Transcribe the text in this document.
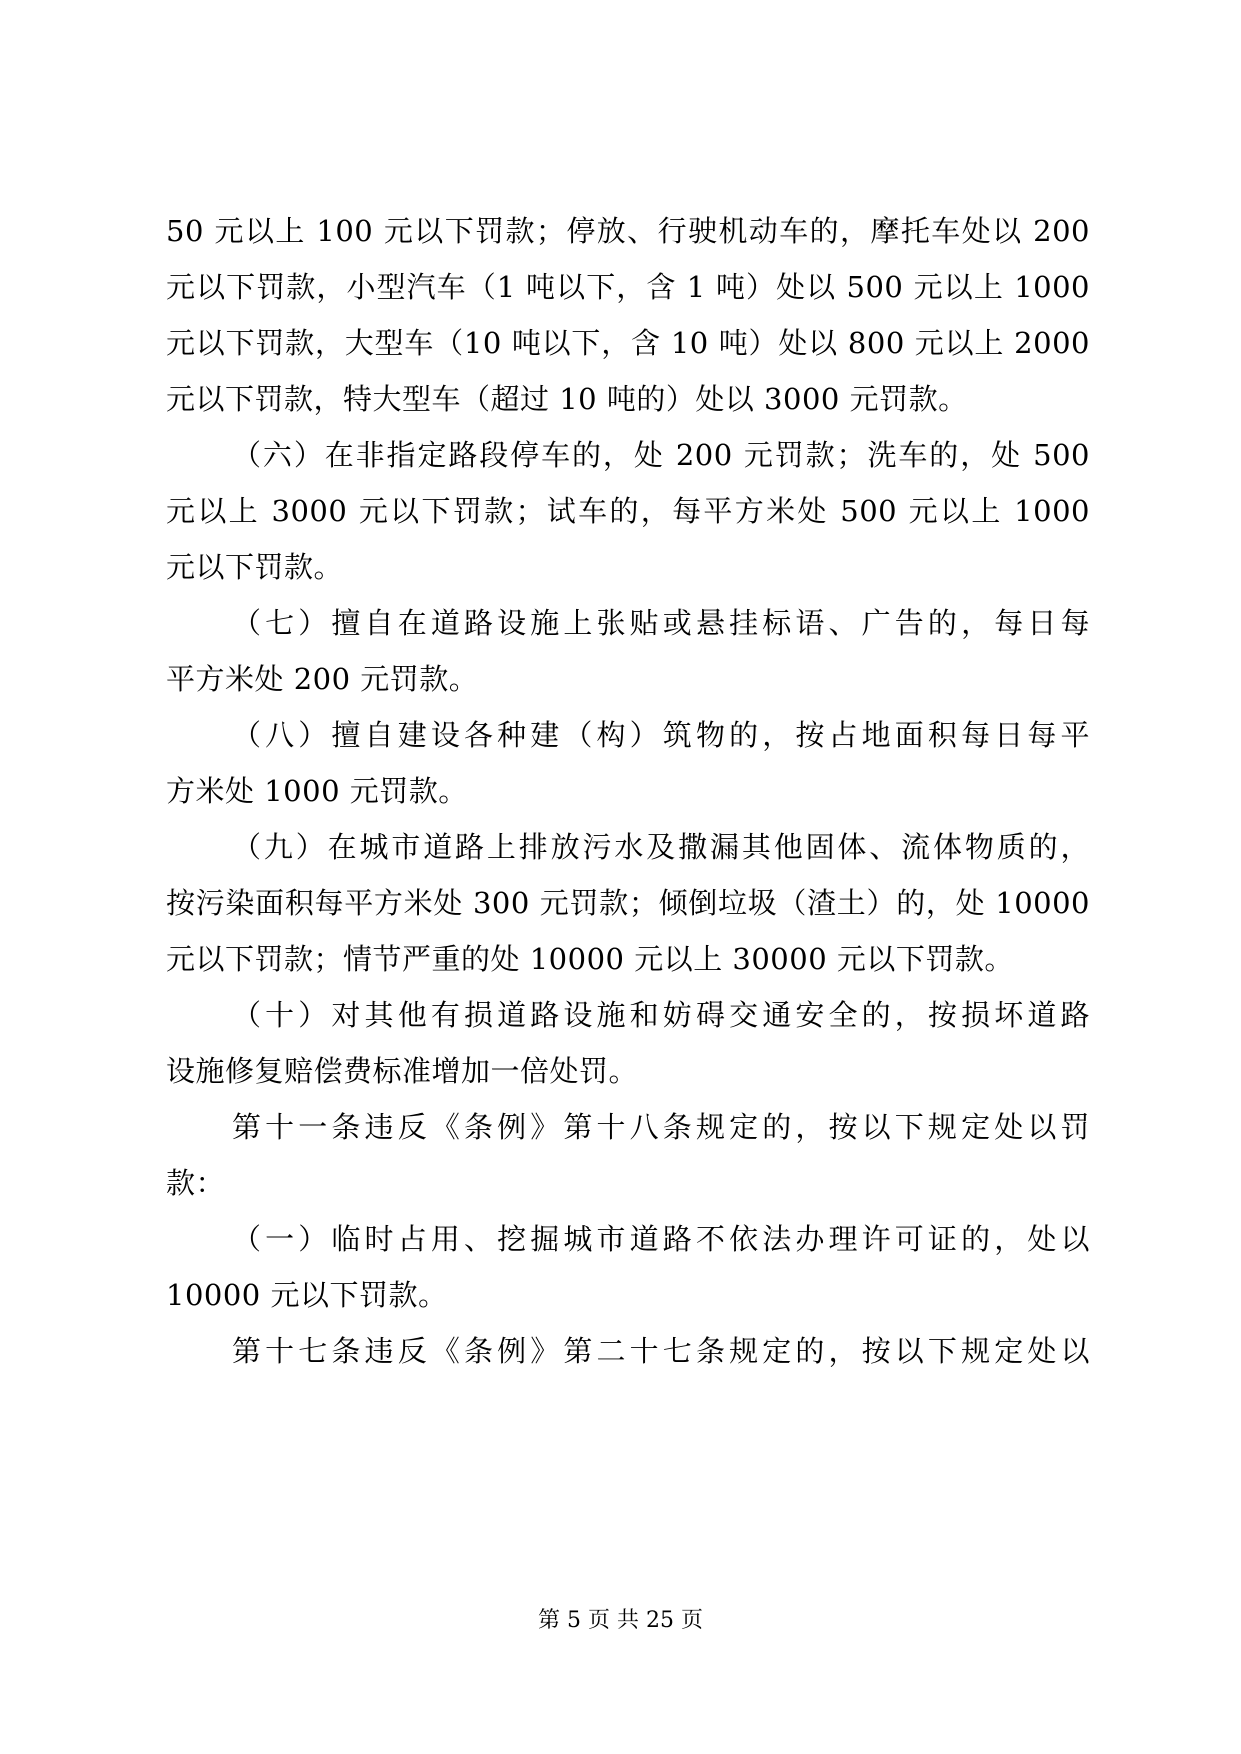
50 元以上 100 元以下罚款；停放、行驶机动车的，摩托车处以 200
元以下罚款，小型汽车（1 吨以下，含 1 吨）处以 500 元以上 1000
元以下罚款，大型车（10 吨以下，含 10 吨）处以 800 元以上 2000
元以下罚款，特大型车（超过 10 吨的）处以 3000 元罚款。
（六）在非指定路段停车的，处 200 元罚款；洗车的，处 500
元以上 3000 元以下罚款；试车的，每平方米处 500 元以上 1000
元以下罚款。
（七）擅自在道路设施上张贴或悬挂标语、广告的，每日每
平方米处 200 元罚款。
（八）擅自建设各种建（构）筑物的，按占地面积每日每平
方米处 1000 元罚款。
（九）在城市道路上排放污水及撒漏其他固体、流体物质的，
按污染面积每平方米处 300 元罚款；倾倒垃圾（渣土）的，处 10000
元以下罚款；情节严重的处 10000 元以上 30000 元以下罚款。
（十）对其他有损道路设施和妨碍交通安全的，按损坏道路
设施修复赔偿费标准增加一倍处罚。
第十一条违反《条例》第十八条规定的，按以下规定处以罚
款：
（一）临时占用、挖掘城市道路不依法办理许可证的，处以
10000 元以下罚款。
第十七条违反《条例》第二十七条规定的，按以下规定处以
第 5 页 共 25 页
